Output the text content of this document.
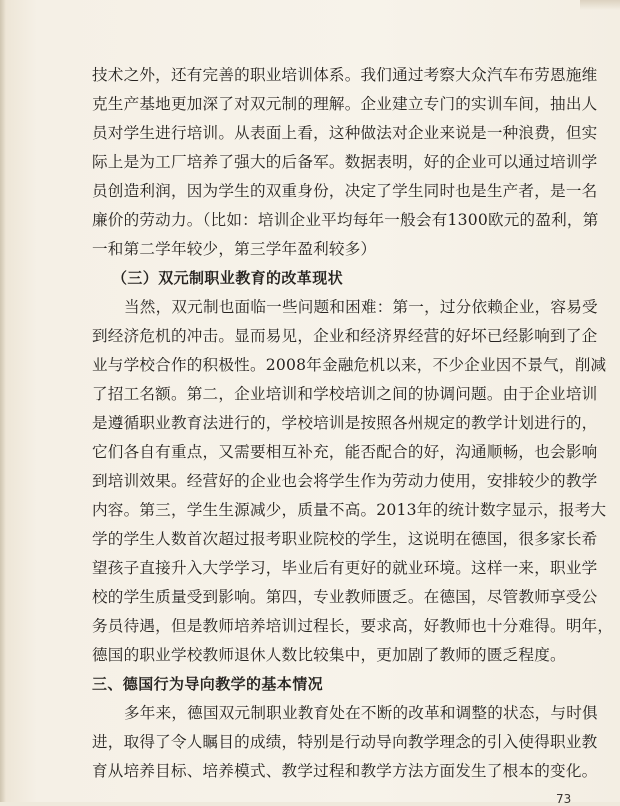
技术之外，还有完善的职业培训体系。我们通过考察大众汽车布劳恩施维
克生产基地更加深了对双元制的理解。企业建立专门的实训车间，抽出人
员对学生进行培训。从表面上看，这种做法对企业来说是一种浪费，但实
际上是为工厂培养了强大的后备军。数据表明，好的企业可以通过培训学
员创造利润，因为学生的双重身份，决定了学生同时也是生产者，是一名
廉价的劳动力。（比如：培训企业平均每年一般会有1300欧元的盈利，第
一和第二学年较少，第三学年盈利较多）
（三）双元制职业教育的改革现状
当然，双元制也面临一些问题和困难：第一，过分依赖企业，容易受
到经济危机的冲击。显而易见，企业和经济界经营的好坏已经影响到了企
业与学校合作的积极性。2008年金融危机以来，不少企业因不景气，削减
了招工名额。第二，企业培训和学校培训之间的协调问题。由于企业培训
是遵循职业教育法进行的，学校培训是按照各州规定的教学计划进行的，
它们各自有重点，又需要相互补充，能否配合的好，沟通顺畅，也会影响
到培训效果。经营好的企业也会将学生作为劳动力使用，安排较少的教学
内容。第三，学生生源减少，质量不高。2013年的统计数字显示，报考大
学的学生人数首次超过报考职业院校的学生，这说明在德国，很多家长希
望孩子直接升入大学学习，毕业后有更好的就业环境。这样一来，职业学
校的学生质量受到影响。第四，专业教师匮乏。在德国，尽管教师享受公
务员待遇，但是教师培养培训过程长，要求高，好教师也十分难得。明年，
德国的职业学校教师退休人数比较集中，更加剧了教师的匮乏程度。
三、德国行为导向教学的基本情况
多年来，德国双元制职业教育处在不断的改革和调整的状态，与时俱
进，取得了令人瞩目的成绩，特别是行动导向教学理念的引入使得职业教
育从培养目标、培养模式、教学过程和教学方法方面发生了根本的变化。
73
